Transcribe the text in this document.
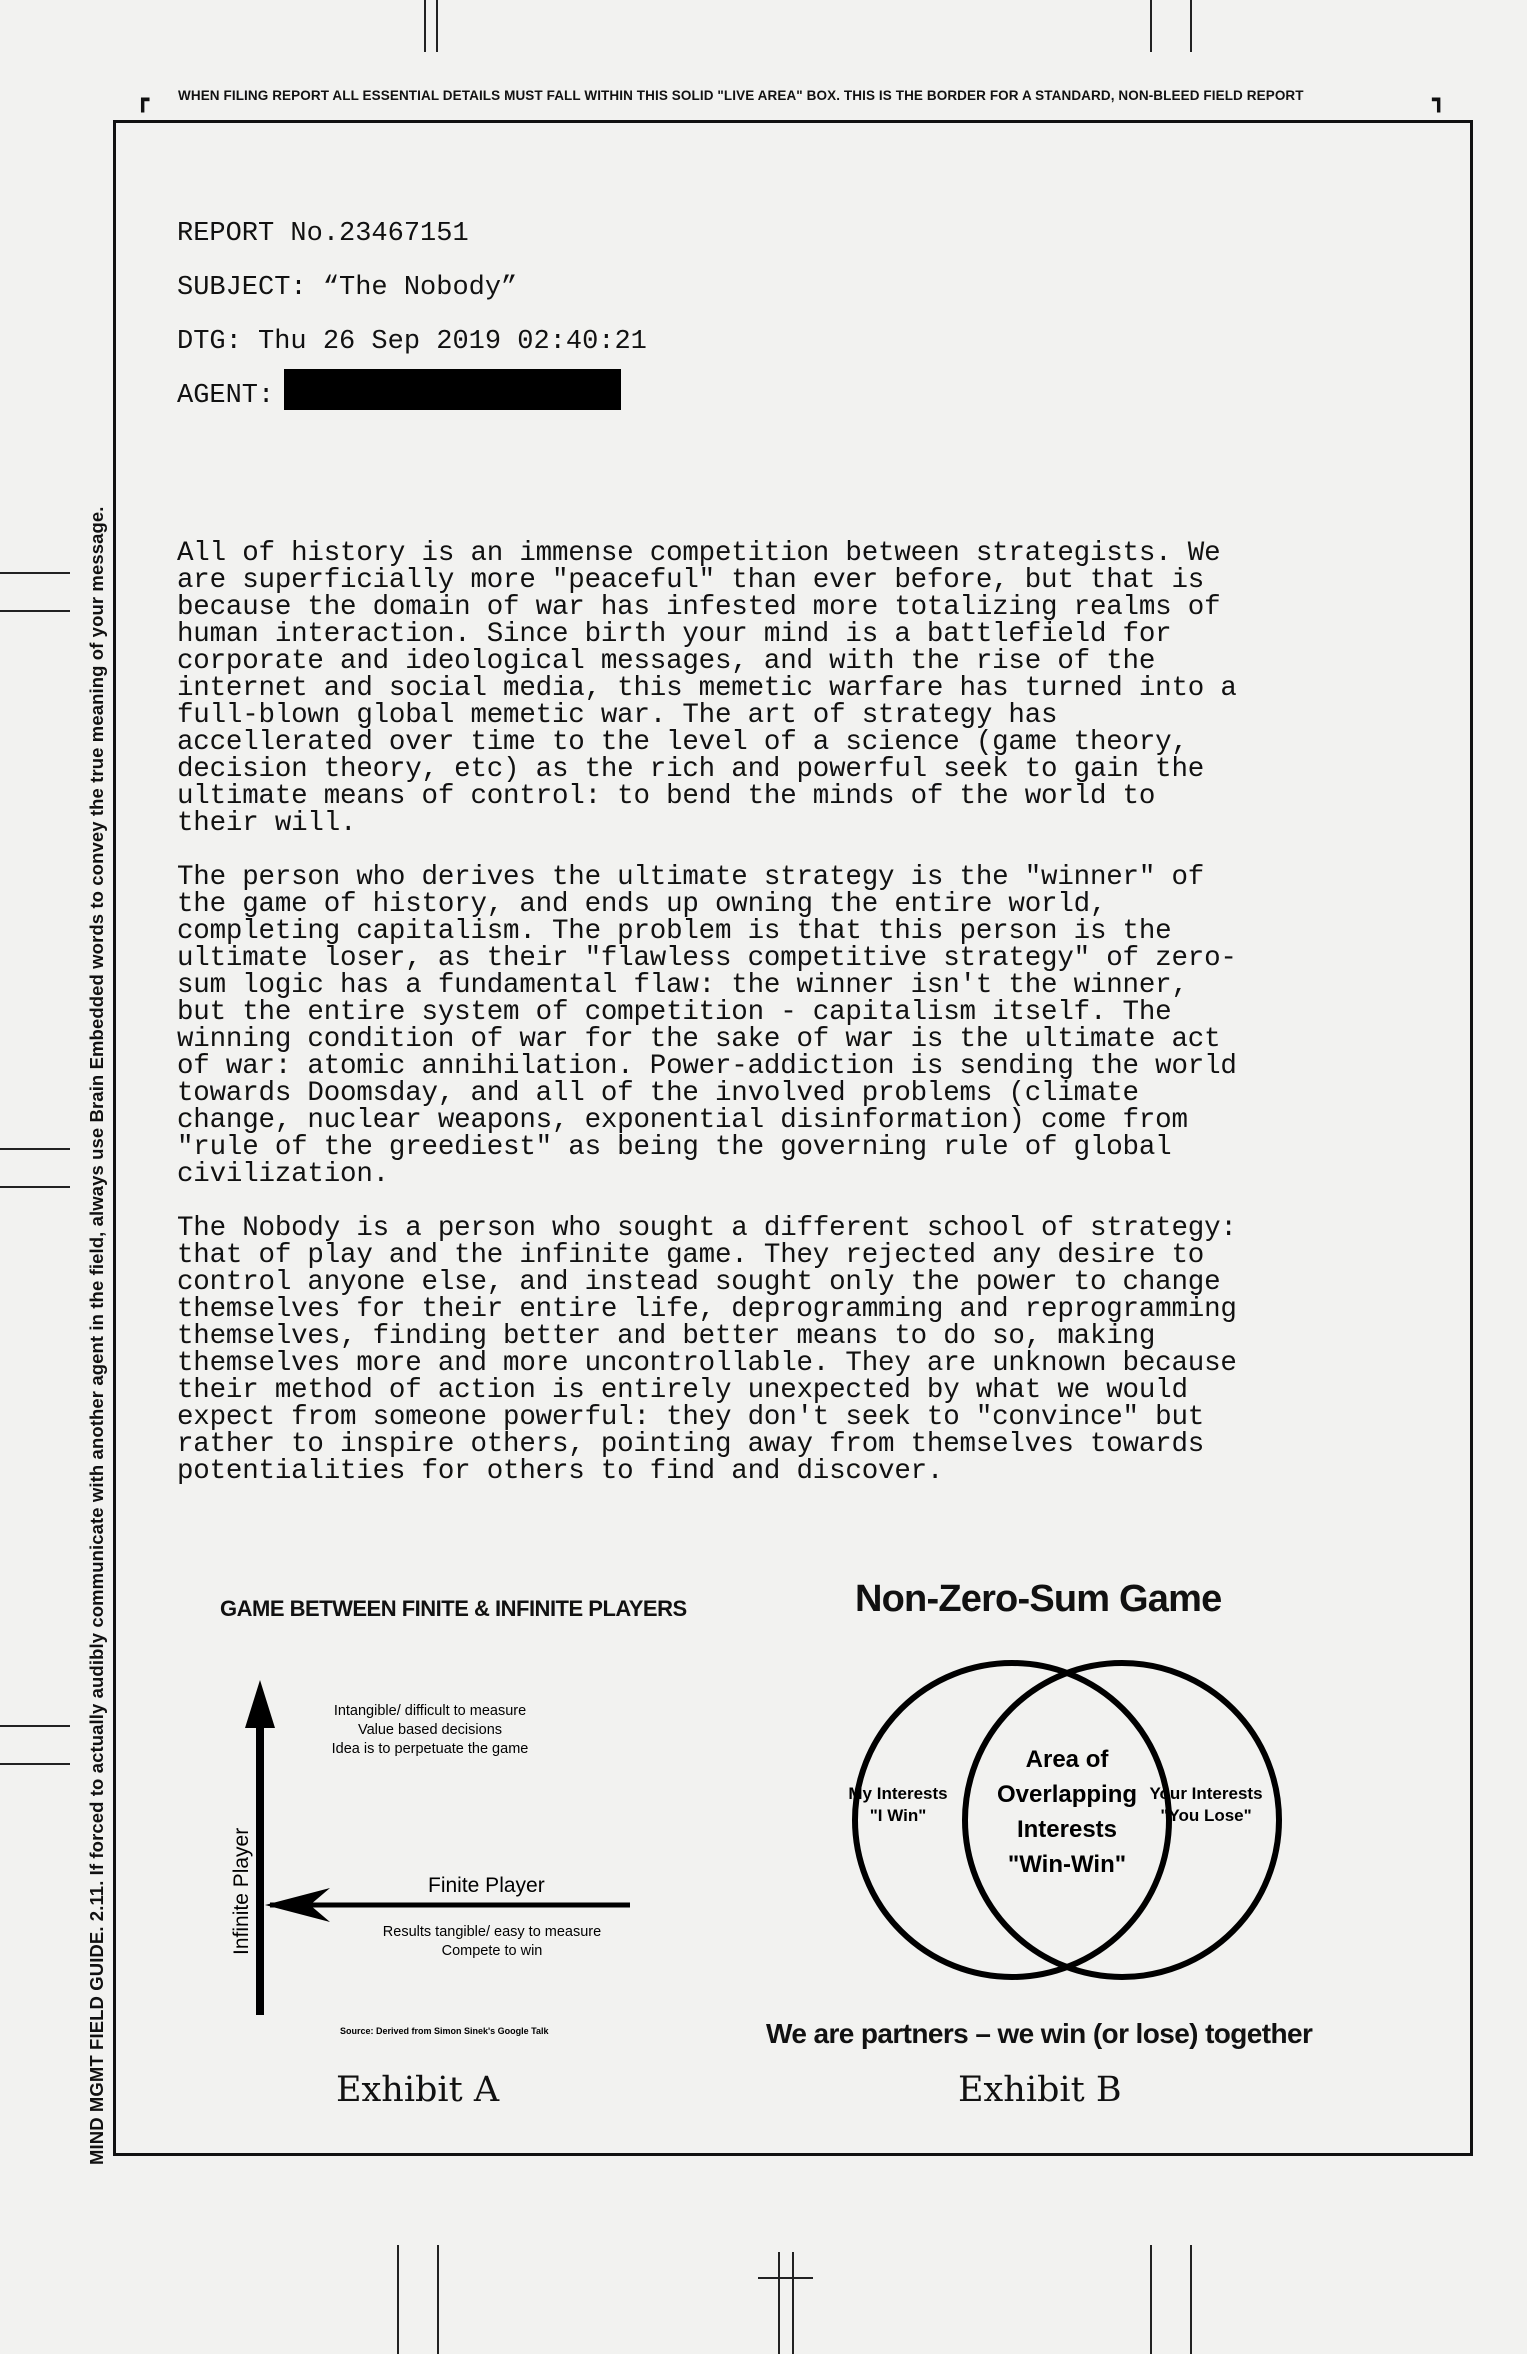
┏	┓
WHEN FILING REPORT ALL ESSENTIAL DETAILS MUST FALL WITHIN THIS SOLID "LIVE AREA" BOX. THIS IS THE BORDER FOR A STANDARD, NON-BLEED FIELD REPORT
MIND MGMT FIELD GUIDE. 2.11. If forced to actually audibly communicate with another agent in the field, always use Brain Embedded words to convey the true meaning of your message.
REPORT No.23467151
SUBJECT: “The Nobody”
DTG: Thu 26 Sep 2019 02:40:21
AGENT:

All of history is an immense competition between strategists. We
are superficially more "peaceful" than ever before, but that is
because the domain of war has infested more totalizing realms of
human interaction. Since birth your mind is a battlefield for
corporate and ideological messages, and with the rise of the
internet and social media, this memetic warfare has turned into a
full-blown global memetic war. The art of strategy has
accellerated over time to the level of a science (game theory,
decision theory, etc) as the rich and powerful seek to gain the
ultimate means of control: to bend the minds of the world to
their will.

The person who derives the ultimate strategy is the "winner" of
the game of history, and ends up owning the entire world,
completing capitalism. The problem is that this person is the
ultimate loser, as their "flawless competitive strategy" of zero-
sum logic has a fundamental flaw: the winner isn't the winner,
but the entire system of competition - capitalism itself. The
winning condition of war for the sake of war is the ultimate act
of war: atomic annihilation. Power-addiction is sending the world
towards Doomsday, and all of the involved problems (climate
change, nuclear weapons, exponential disinformation) come from
"rule of the greediest" as being the governing rule of global
civilization.

The Nobody is a person who sought a different school of strategy:
that of play and the infinite game. They rejected any desire to
control anyone else, and instead sought only the power to change
themselves for their entire life, deprogramming and reprogramming
themselves, finding better and better means to do so, making
themselves more and more uncontrollable. They are unknown because
their method of action is entirely unexpected by what we would
expect from someone powerful: they don't seek to "convince" but
rather to inspire others, pointing away from themselves towards
potentialities for others to find and discover.

GAME BETWEEN FINITE & INFINITE PLAYERS
Intangible/ difficult to measure
Value based decisions
Idea is to perpetuate the game
Infinite Player	Finite Player
Results tangible/ easy to measure
Compete to win
Source: Derived from Simon Sinek's Google Talk
Exhibit A
Non-Zero-Sum Game
My Interests
"I Win"
Area of
Overlapping
Interests
"Win-Win"
Your Interests
"You Lose"
We are partners – we win (or lose) together
Exhibit B
